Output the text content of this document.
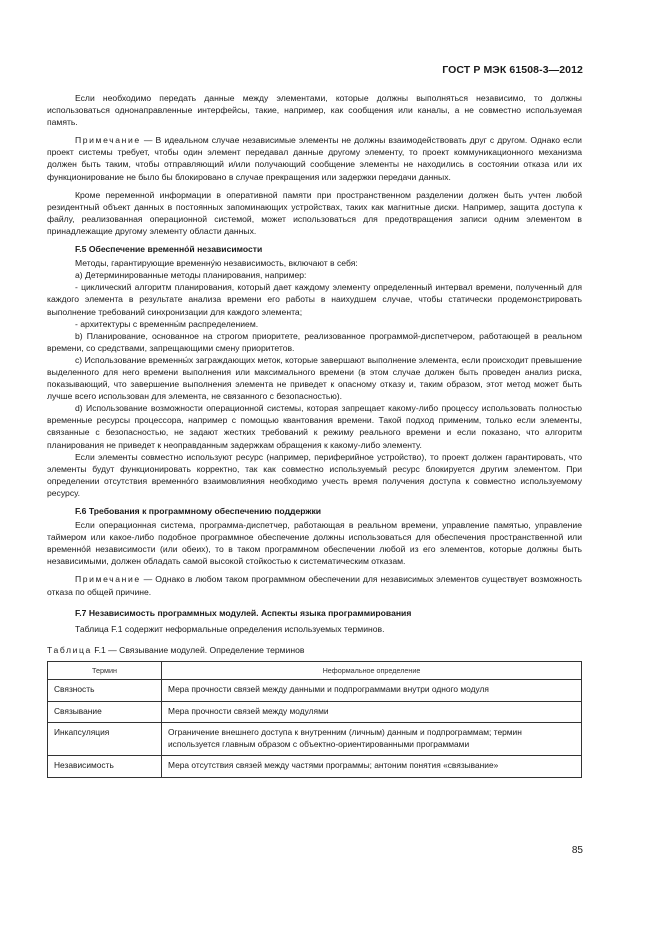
ГОСТ Р МЭК 61508-3—2012

Если необходимо передать данные между элементами, которые должны выполняться независимо, то должны использоваться однонаправленные интерфейсы, такие, например, как сообщения или каналы, а не совместно используемая память.

Примечание — В идеальном случае независимые элементы не должны взаимодействовать друг с другом. Однако если проект системы требует, чтобы один элемент передавал данные другому элементу, то проект коммуникационного механизма должен быть таким, чтобы отправляющий и/или получающий сообщение элементы не находились в состоянии отказа или их функционирование не было бы блокировано в случае прекращения или задержки передачи данных.

Кроме переменной информации в оперативной памяти при пространственном разделении должен быть учтен любой резидентный объект данных в постоянных запоминающих устройствах, таких как магнитные диски. Например, защита доступа к файлу, реализованная операционной системой, может использоваться для предотвращения записи одним элементом в принадлежащие другому элементу области данных.

F.5 Обеспечение временно́й независимости

Методы, гарантирующие временну́ю независимость, включают в себя:

a) Детерминированные методы планирования, например:

- циклический алгоритм планирования, который дает каждому элементу определенный интервал времени, полученный для каждого элемента в результате анализа времени его работы в наихудшем случае, чтобы статически продемонстрировать выполнение требований синхронизации для каждого элемента;

- архитектуры с временны́м распределением.

b) Планирование, основанное на строгом приоритете, реализованное программой-диспетчером, работающей в реальном времени, со средствами, запрещающими смену приоритетов.

c) Использование временны́х заграждающих меток, которые завершают выполнение элемента, если происходит превышение выделенного для него времени выполнения или максимального времени (в этом случае должен быть проведен анализ риска, показывающий, что завершение выполнения элемента не приведет к опасному отказу и, таким образом, этот метод может быть лучше всего использован для элемента, не связанного с безопасностью).

d) Использование возможности операционной системы, которая запрещает какому-либо процессу использовать полностью временные ресурсы процессора, например с помощью квантования времени. Такой подход применим, только если элементы, связанные с безопасностью, не задают жестких требований к режиму реального времени и если показано, что алгоритм планирования не приведет к неоправданным задержкам обращения к какому-либо элементу.

Если элементы совместно используют ресурс (например, периферийное устройство), то проект должен гарантировать, что элементы будут функционировать корректно, так как совместно используемый ресурс блокируется другим элементом. При определении отсутствия временно́го взаимовлияния необходимо учесть время получения доступа к совместно используемому ресурсу.

F.6 Требования к программному обеспечению поддержки

Если операционная система, программа-диспетчер, работающая в реальном времени, управление памятью, управление таймером или какое-либо подобное программное обеспечение должны использоваться для обеспечения пространственной или временно́й независимости (или обеих), то в таком программном обеспечении любой из его элементов, которые должны быть независимыми, должен обладать самой высокой стойкостью к систематическим отказам.

Примечание — Однако в любом таком программном обеспечении для независимых элементов существует возможность отказа по общей причине.

F.7 Независимость программных модулей. Аспекты языка программирования

Таблица F.1 содержит неформальные определения используемых терминов.

Таблица F.1 — Связывание модулей. Определение терминов
Термин	Неформальное определение
Связность	Мера прочности связей между данными и подпрограммами внутри одного модуля
Связывание	Мера прочности связей между модулями
Инкапсуляция	Ограничение внешнего доступа к внутренним (личным) данным и подпрограммам; термин используется главным образом с объектно-ориентированными программами
Независимость	Мера отсутствия связей между частями программы; антоним понятия «связывание»
85
